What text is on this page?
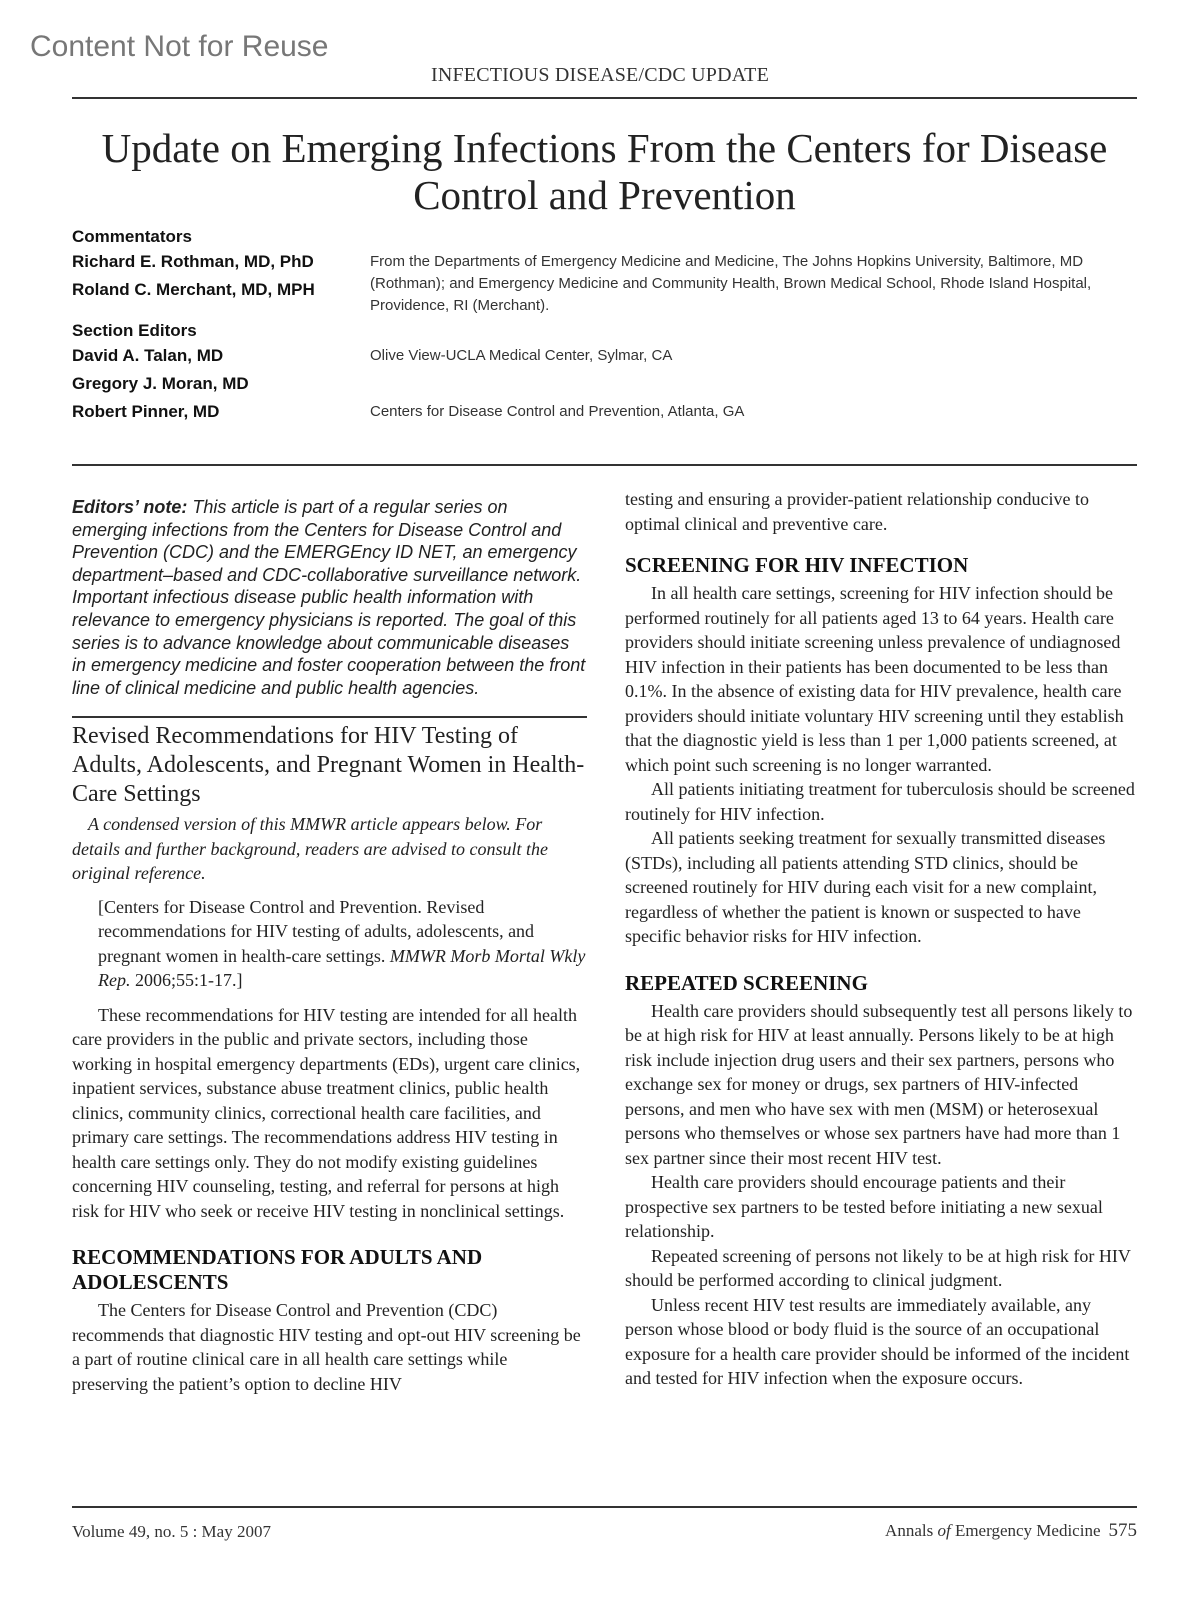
Content Not for Reuse
INFECTIOUS DISEASE/CDC UPDATE
Update on Emerging Infections From the Centers for Disease Control and Prevention
Commentators
Richard E. Rothman, MD, PhD
Roland C. Merchant, MD, MPH
From the Departments of Emergency Medicine and Medicine, The Johns Hopkins University, Baltimore, MD (Rothman); and Emergency Medicine and Community Health, Brown Medical School, Rhode Island Hospital, Providence, RI (Merchant).
Section Editors
David A. Talan, MD
Gregory J. Moran, MD
Robert Pinner, MD
Olive View-UCLA Medical Center, Sylmar, CA
Centers for Disease Control and Prevention, Atlanta, GA

Editors’ note: This article is part of a regular series on emerging infections from the Centers for Disease Control and Prevention (CDC) and the EMERGEncy ID NET, an emergency department–based and CDC-collaborative surveillance network. Important infectious disease public health information with relevance to emergency physicians is reported. The goal of this series is to advance knowledge about communicable diseases in emergency medicine and foster cooperation between the front line of clinical medicine and public health agencies.

Revised Recommendations for HIV Testing of Adults, Adolescents, and Pregnant Women in Health-Care Settings

A condensed version of this MMWR article appears below. For details and further background, readers are advised to consult the original reference.

[Centers for Disease Control and Prevention. Revised recommendations for HIV testing of adults, adolescents, and pregnant women in health-care settings. MMWR Morb Mortal Wkly Rep. 2006;55:1-17.]

These recommendations for HIV testing are intended for all health care providers in the public and private sectors, including those working in hospital emergency departments (EDs), urgent care clinics, inpatient services, substance abuse treatment clinics, public health clinics, community clinics, correctional health care facilities, and primary care settings. The recommendations address HIV testing in health care settings only. They do not modify existing guidelines concerning HIV counseling, testing, and referral for persons at high risk for HIV who seek or receive HIV testing in nonclinical settings.

RECOMMENDATIONS FOR ADULTS AND ADOLESCENTS

The Centers for Disease Control and Prevention (CDC) recommends that diagnostic HIV testing and opt-out HIV screening be a part of routine clinical care in all health care settings while preserving the patient’s option to decline HIV

testing and ensuring a provider-patient relationship conducive to optimal clinical and preventive care.

SCREENING FOR HIV INFECTION

In all health care settings, screening for HIV infection should be performed routinely for all patients aged 13 to 64 years. Health care providers should initiate screening unless prevalence of undiagnosed HIV infection in their patients has been documented to be less than 0.1%. In the absence of existing data for HIV prevalence, health care providers should initiate voluntary HIV screening until they establish that the diagnostic yield is less than 1 per 1,000 patients screened, at which point such screening is no longer warranted.

All patients initiating treatment for tuberculosis should be screened routinely for HIV infection.

All patients seeking treatment for sexually transmitted diseases (STDs), including all patients attending STD clinics, should be screened routinely for HIV during each visit for a new complaint, regardless of whether the patient is known or suspected to have specific behavior risks for HIV infection.

REPEATED SCREENING

Health care providers should subsequently test all persons likely to be at high risk for HIV at least annually. Persons likely to be at high risk include injection drug users and their sex partners, persons who exchange sex for money or drugs, sex partners of HIV-infected persons, and men who have sex with men (MSM) or heterosexual persons who themselves or whose sex partners have had more than 1 sex partner since their most recent HIV test.

Health care providers should encourage patients and their prospective sex partners to be tested before initiating a new sexual relationship.

Repeated screening of persons not likely to be at high risk for HIV should be performed according to clinical judgment.

Unless recent HIV test results are immediately available, any person whose blood or body fluid is the source of an occupational exposure for a health care provider should be informed of the incident and tested for HIV infection when the exposure occurs.

Volume 49, no. 5 : May 2007	Annals of Emergency Medicine 575
